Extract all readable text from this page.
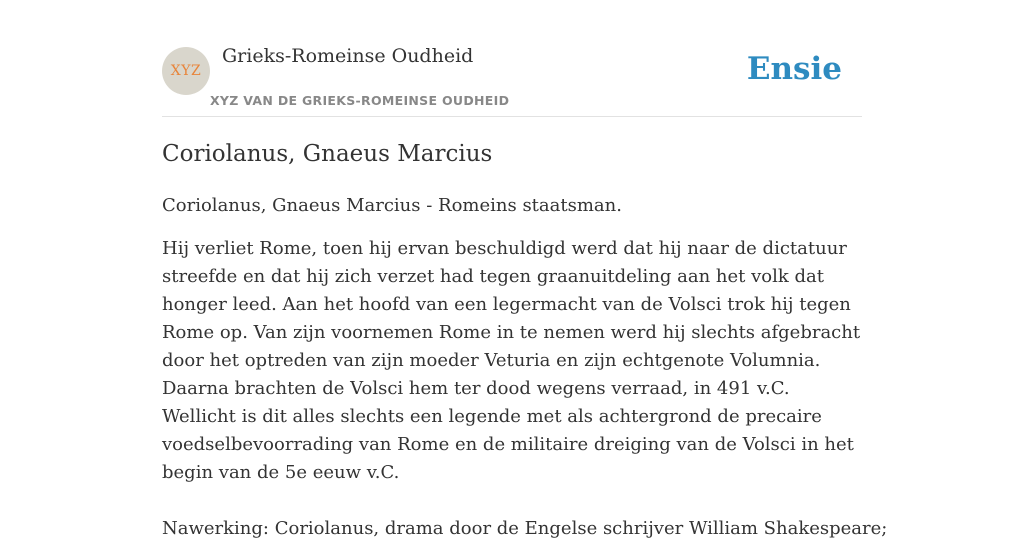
XYZ
Grieks-Romeinse Oudheid
XYZ VAN DE GRIEKS-ROMEINSE OUDHEID
Ensie
Coriolanus, Gnaeus Marcius

Coriolanus, Gnaeus Marcius - Romeins staatsman.

Hij verliet Rome, toen hij ervan beschuldigd werd dat hij naar de dictatuur streefde en dat hij zich verzet had tegen graanuitdeling aan het volk dat honger leed. Aan het hoofd van een legermacht van de Volsci trok hij tegen Rome op. Van zijn voornemen Rome in te nemen werd hij slechts afgebracht door het optreden van zijn moeder Veturia en zijn echtgenote Volumnia. Daarna brachten de Volsci hem ter dood wegens verraad, in 491 v.C. Wellicht is dit alles slechts een legende met als achtergrond de precaire voedselbevoorrading van Rome en de militaire dreiging van de Volsci in het begin van de 5e eeuw v.C.

Nawerking: Coriolanus, drama door de Engelse schrijver William Shakespeare;
